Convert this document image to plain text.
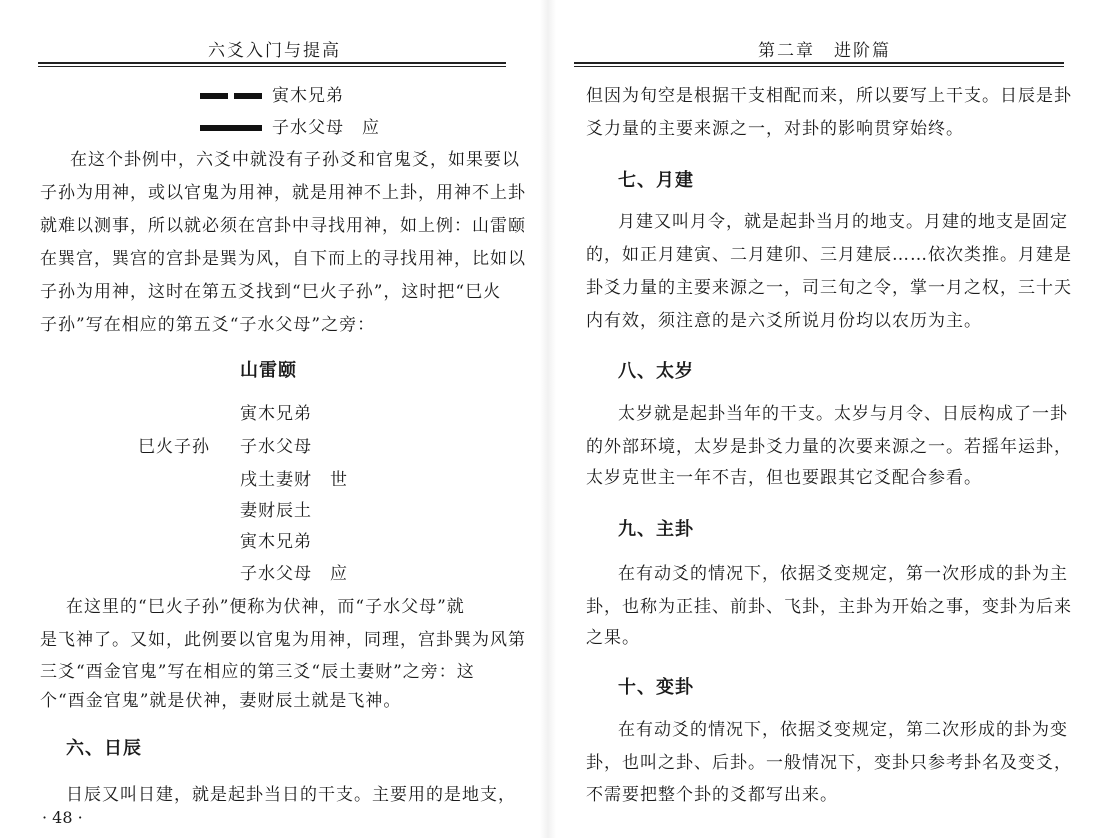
六爻入门与提高
寅木兄弟
子水父母　应
在这个卦例中，六爻中就没有子孙爻和官鬼爻，如果要以
子孙为用神，或以官鬼为用神，就是用神不上卦，用神不上卦
就难以测事，所以就必须在宫卦中寻找用神，如上例：山雷颐
在巽宫，巽宫的宫卦是巽为风，自下而上的寻找用神，比如以
子孙为用神，这时在第五爻找到“巳火子孙”，这时把“巳火
子孙”写在相应的第五爻“子水父母”之旁：
山雷颐
寅木兄弟
子水父母
巳火子孙
戌土妻财　世
妻财辰土
寅木兄弟
子水父母　应
在这里的“巳火子孙”便称为伏神，而“子水父母”就
是飞神了。又如，此例要以官鬼为用神，同理，宫卦巽为风第
三爻“酉金官鬼”写在相应的第三爻“辰土妻财”之旁：这
个“酉金官鬼”就是伏神，妻财辰土就是飞神。
六、日辰
日辰又叫日建，就是起卦当日的干支。主要用的是地支，
· 48 ·
第二章　进阶篇
但因为旬空是根据干支相配而来，所以要写上干支。日辰是卦
爻力量的主要来源之一，对卦的影响贯穿始终。
七、月建
月建又叫月令，就是起卦当月的地支。月建的地支是固定
的，如正月建寅、二月建卯、三月建辰……依次类推。月建是
卦爻力量的主要来源之一，司三旬之令，掌一月之权，三十天
内有效，须注意的是六爻所说月份均以农历为主。
八、太岁
太岁就是起卦当年的干支。太岁与月令、日辰构成了一卦
的外部环境，太岁是卦爻力量的次要来源之一。若摇年运卦，
太岁克世主一年不吉，但也要跟其它爻配合参看。
九、主卦
在有动爻的情况下，依据爻变规定，第一次形成的卦为主
卦，也称为正挂、前卦、飞卦，主卦为开始之事，变卦为后来
之果。
十、变卦
在有动爻的情况下，依据爻变规定，第二次形成的卦为变
卦，也叫之卦、后卦。一般情况下，变卦只参考卦名及变爻，
不需要把整个卦的爻都写出来。
